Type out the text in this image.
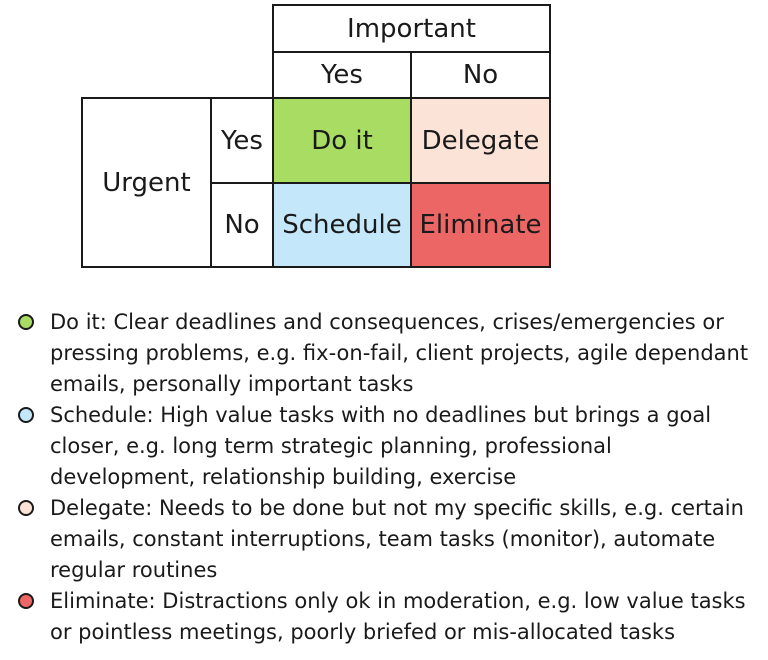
Do it Delegate
Schedule Eliminate
Important
Yes	No
Urgent
Yes
No

Do it: Clear deadlines and consequences, crises/emergencies or pressing problems, e.g. fix-on-fail, client projects, agile dependant emails, personally important tasks

Schedule: High value tasks with no deadlines but brings a goal closer, e.g. long term strategic planning, professional development, relationship building, exercise

Delegate: Needs to be done but not my specific skills, e.g. certain emails, constant interruptions, team tasks (monitor), automate regular routines

Eliminate: Distractions only ok in moderation, e.g. low value tasks or pointless meetings, poorly briefed or mis-allocated tasks
